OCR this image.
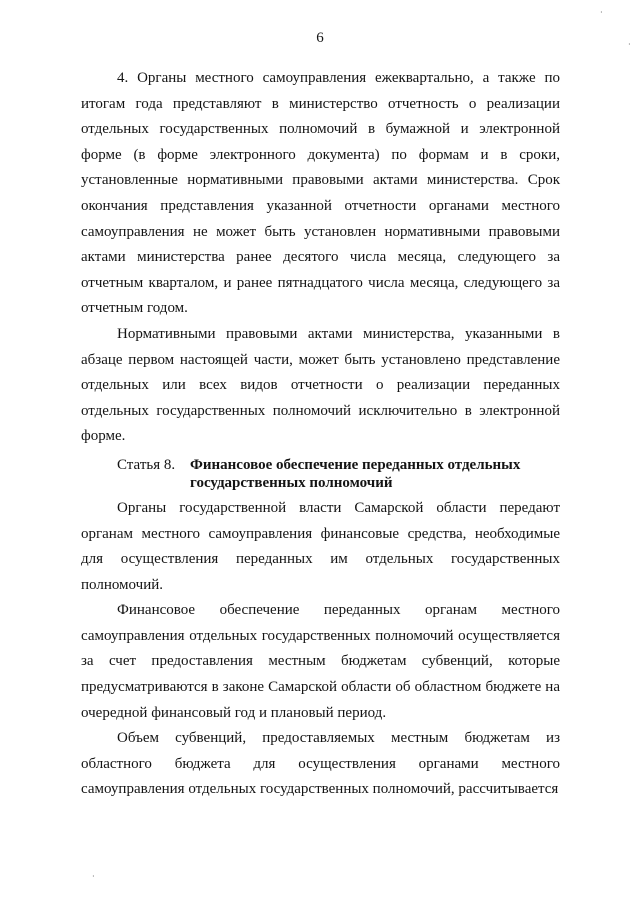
6

4. Органы местного самоуправления ежеквартально, а также по итогам года представляют в министерство отчетность о реализации отдельных государственных полномочий в бумажной и электронной форме (в форме электронного документа) по формам и в сроки, установленные нормативными правовыми актами министерства. Срок окончания представления указанной отчетности органами местного самоуправления не может быть установлен нормативными правовыми актами министерства ранее десятого числа месяца, следующего за отчетным кварталом, и ранее пятнадцатого числа месяца, следующего за отчетным годом.

Нормативными правовыми актами министерства, указанными в абзаце первом настоящей части, может быть установлено представление отдельных или всех видов отчетности о реализации переданных отдельных государственных полномочий исключительно в электронной форме.

Статья 8. Финансовое обеспечение переданных отдельных
государственных полномочий

Органы государственной власти Самарской области передают органам местного самоуправления финансовые средства, необходимые для осуществления переданных им отдельных государственных полномочий.

Финансовое обеспечение переданных органам местного самоуправления отдельных государственных полномочий осуществляется за счет предоставления местным бюджетам субвенций, которые предусматриваются в законе Самарской области об областном бюджете на очередной финансовый год и плановый период.

Объем субвенций, предоставляемых местным бюджетам из областного бюджета для осуществления органами местного самоуправления отдельных государственных полномочий, рассчитывается

·
·
·
